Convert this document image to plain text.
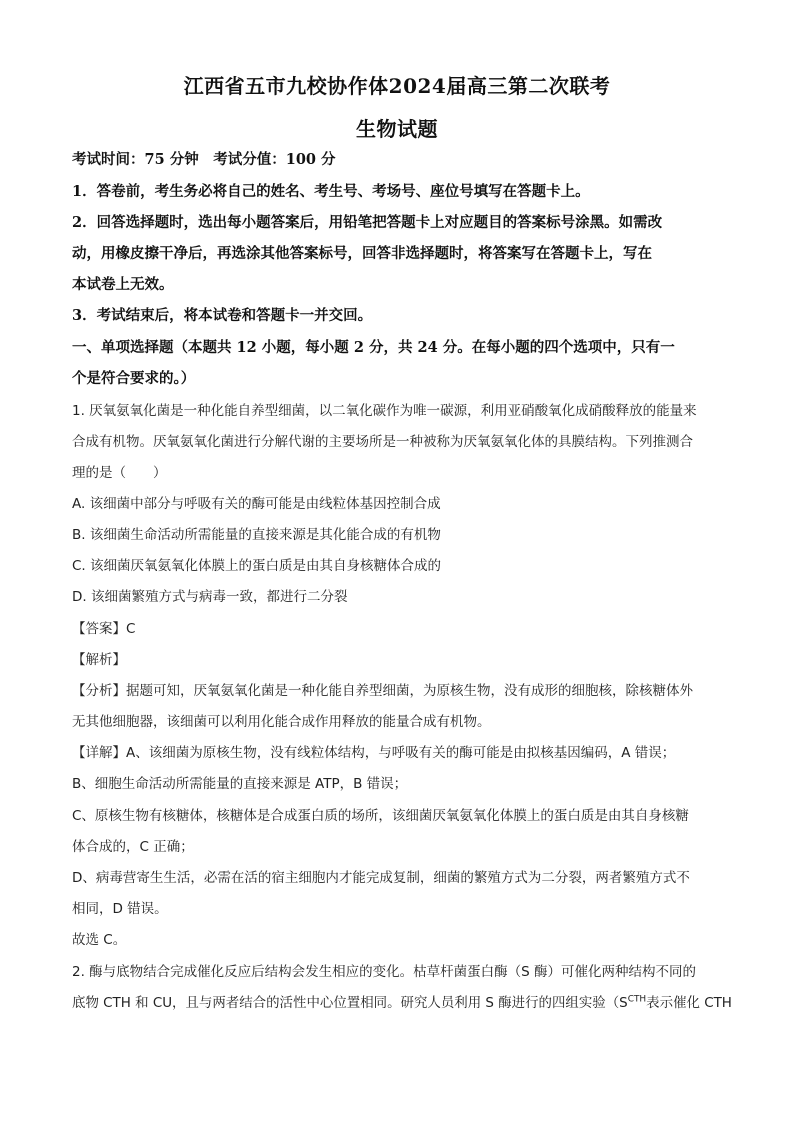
江西省五市九校协作体2024届高三第二次联考
生物试题
考试时间：75 分钟　考试分值：100 分
1．答卷前，考生务必将自己的姓名、考生号、考场号、座位号填写在答题卡上。
2．回答选择题时，选出每小题答案后，用铅笔把答题卡上对应题目的答案标号涂黑。如需改
动，用橡皮擦干净后，再选涂其他答案标号，回答非选择题时，将答案写在答题卡上，写在
本试卷上无效。
3．考试结束后，将本试卷和答题卡一并交回。
一、单项选择题（本题共 12 小题，每小题 2 分，共 24 分。在每小题的四个选项中，只有一
个是符合要求的。）
1. 厌氧氨氧化菌是一种化能自养型细菌，以二氧化碳作为唯一碳源，利用亚硝酸氧化成硝酸释放的能量来
合成有机物。厌氧氨氧化菌进行分解代谢的主要场所是一种被称为厌氧氨氧化体的具膜结构。下列推测合
理的是（　　）
A. 该细菌中部分与呼吸有关的酶可能是由线粒体基因控制合成
B. 该细菌生命活动所需能量的直接来源是其化能合成的有机物
C. 该细菌厌氧氨氧化体膜上的蛋白质是由其自身核糖体合成的
D. 该细菌繁殖方式与病毒一致，都进行二分裂
【答案】C
【解析】
【分析】据题可知，厌氧氨氧化菌是一种化能自养型细菌，为原核生物，没有成形的细胞核，除核糖体外
无其他细胞器，该细菌可以利用化能合成作用释放的能量合成有机物。
【详解】A、该细菌为原核生物，没有线粒体结构，与呼吸有关的酶可能是由拟核基因编码，A 错误；
B、细胞生命活动所需能量的直接来源是 ATP，B 错误；
C、原核生物有核糖体，核糖体是合成蛋白质的场所，该细菌厌氧氨氧化体膜上的蛋白质是由其自身核糖
体合成的，C 正确；
D、病毒营寄生生活，必需在活的宿主细胞内才能完成复制，细菌的繁殖方式为二分裂，两者繁殖方式不
相同，D 错误。
故选 C。
2. 酶与底物结合完成催化反应后结构会发生相应的变化。枯草杆菌蛋白酶（S 酶）可催化两种结构不同的
底物 CTH 和 CU，且与两者结合的活性中心位置相同。研究人员利用 S 酶进行的四组实验（$S^{CTH}$表示催化 CTH
